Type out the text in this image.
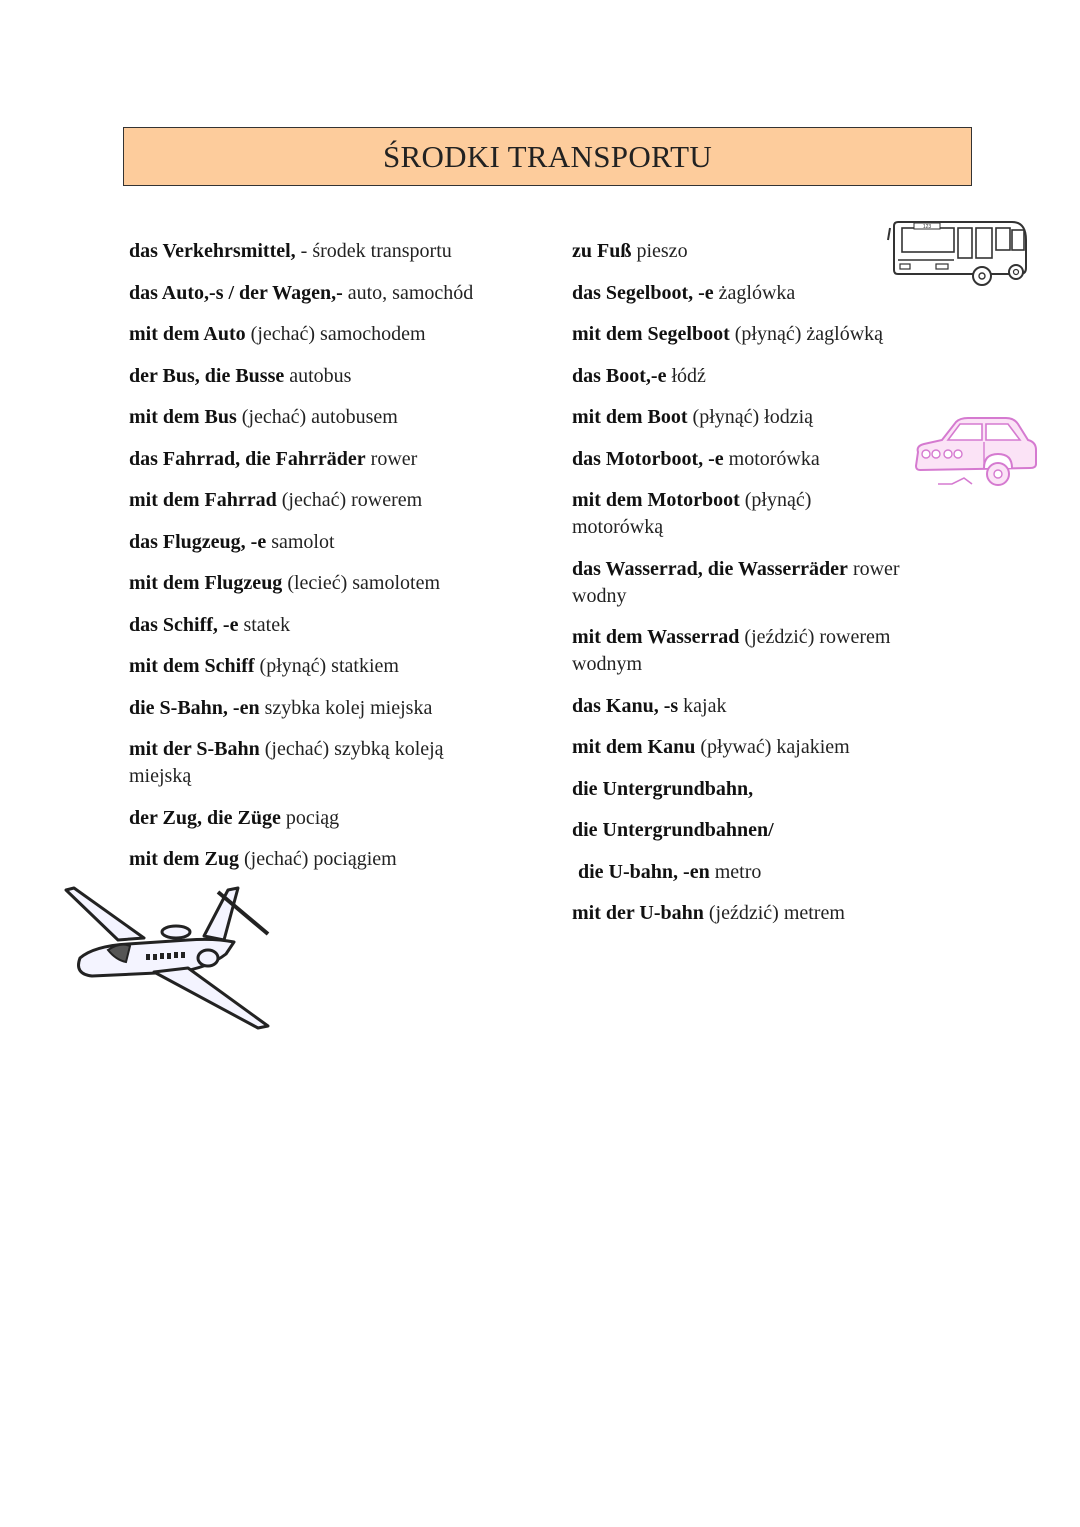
ŚRODKI TRANSPORTU
das Verkehrsmittel, - środek transportu
das Auto,-s / der Wagen,- auto, samochód
mit dem Auto (jechać) samochodem
der Bus, die Busse autobus
mit dem Bus (jechać) autobusem
das Fahrrad, die Fahrräder rower
mit dem Fahrrad (jechać) rowerem
das Flugzeug, -e samolot
mit dem Flugzeug (lecieć) samolotem
das Schiff, -e statek
mit dem Schiff (płynąć) statkiem
die S-Bahn, -en szybka kolej miejska
mit der S-Bahn (jechać) szybką koleją
miejską
der Zug, die Züge pociąg
mit dem Zug (jechać) pociągiem
zu Fuß pieszo
das Segelboot, -e żaglówka
mit dem Segelboot (płynąć) żaglówką
das Boot,-e łódź
mit dem Boot (płynąć) łodzią
das Motorboot, -e motorówka
mit dem Motorboot (płynąć)
motorówką
das Wasserrad, die Wasserräder rower
wodny
mit dem Wasserrad (jeździć) rowerem
wodnym
das Kanu, -s kajak
mit dem Kanu (pływać) kajakiem
die Untergrundbahn,
die Untergrundbahnen/
die U-bahn, -en metro
mit der U-bahn (jeździć) metrem
123
